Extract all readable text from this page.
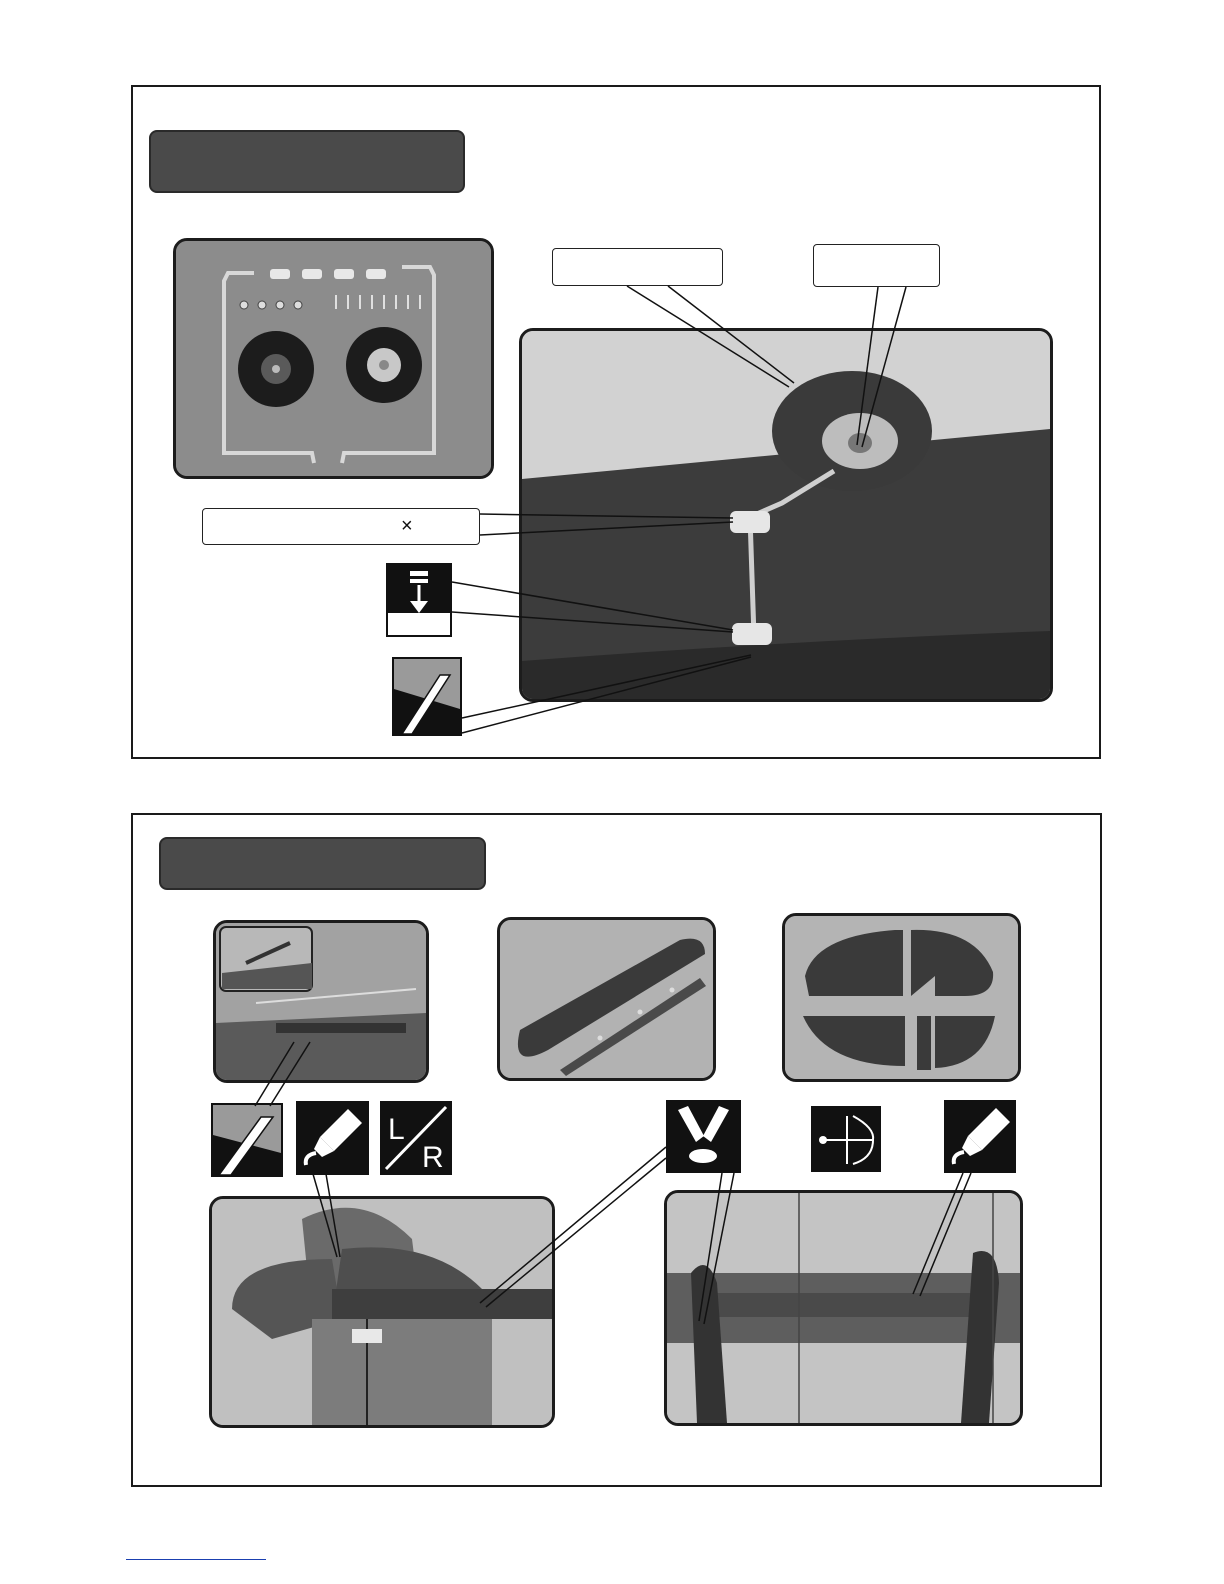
×
L
R
